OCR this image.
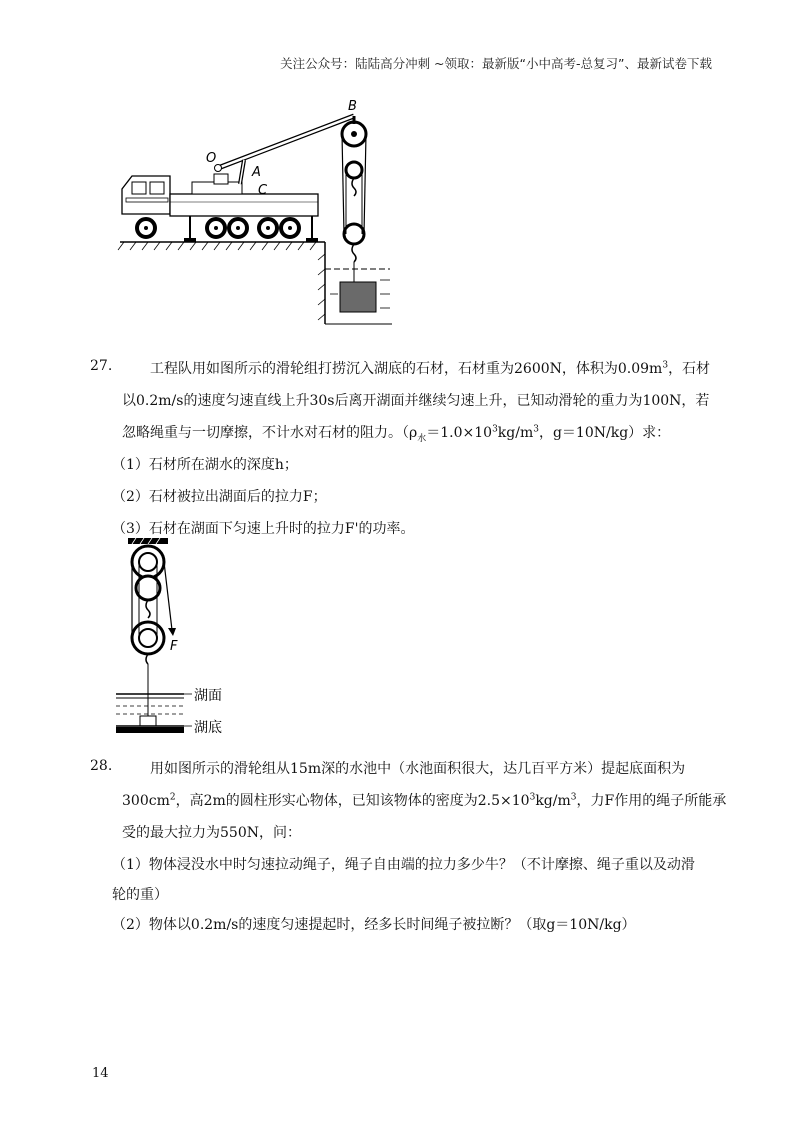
关注公众号：陆陆高分冲刺 ~领取：最新版“小中高考-总复习”、最新试卷下载
B
O
A
C
27.	工程队用如图所示的滑轮组打捞沉入湖底的石材，石材重为2600N，体积为$0.09m^3$，石材
以0.2m/s的速度匀速直线上升30s后离开湖面并继续匀速上升，已知动滑轮的重力为100N，若
忽略绳重与一切摩擦，不计水对石材的阻力。（$\rho_水=1.0\times 10^3kg/m^3$，g＝10N/kg）求：
（1）石材所在湖水的深度h；
（2）石材被拉出湖面后的拉力F；
（3）石材在湖面下匀速上升时的拉力F'的功率。
F
湖面
湖底
28.	用如图所示的滑轮组从15m深的水池中（水池面积很大，达几百平方米）提起底面积为
$300cm^2$，高2m的圆柱形实心物体，已知该物体的密度为$2.5\times 10^3kg/m^3$，力F作用的绳子所能承
受的最大拉力为550N，问：
（1）物体浸没水中时匀速拉动绳子，绳子自由端的拉力多少牛？（不计摩擦、绳子重以及动滑
轮的重）
（2）物体以0.2m/s的速度匀速提起时，经多长时间绳子被拉断？（取g＝10N/kg）
14
